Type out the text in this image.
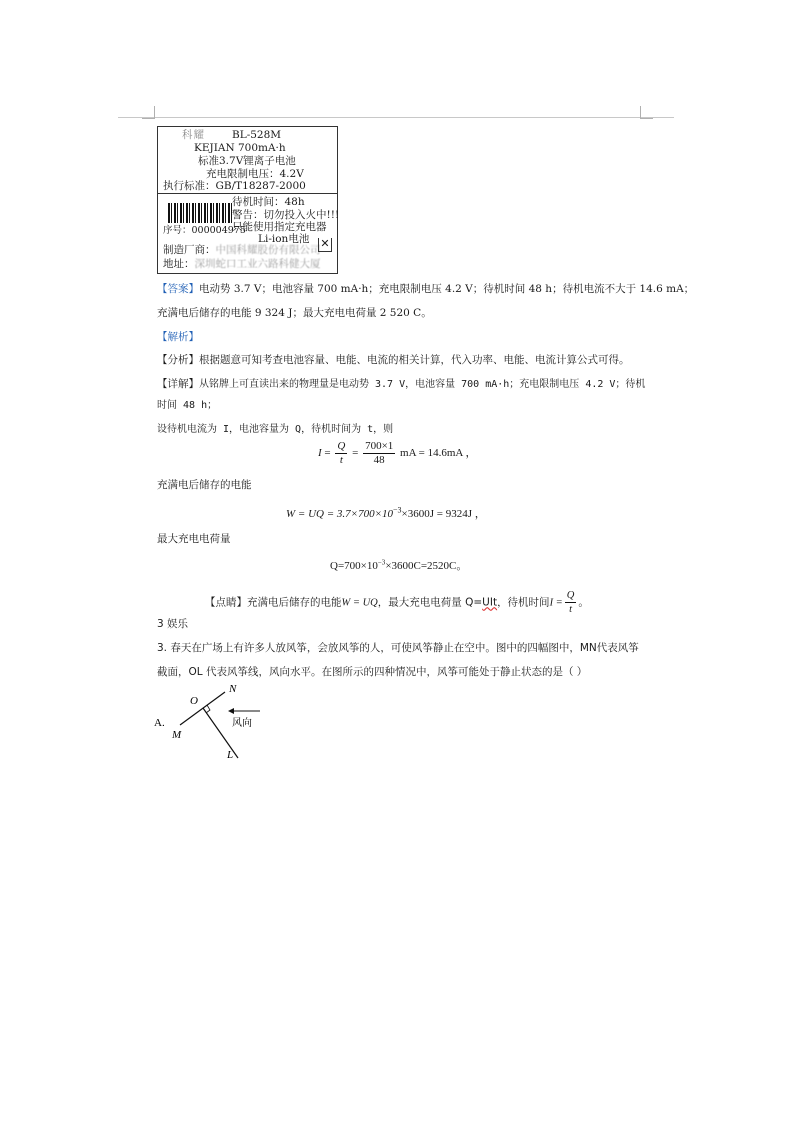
科耀	BL-528M
KEJIAN 700mA·h
标准3.7V锂离子电池
充电限制电压：4.2V
执行标准：GB/T18287-2000
待机时间：48h
警告：切勿投入火中!!!
序号：000004975
只能使用指定充电器
Li-ion电池
制造厂商：中国科耀股份有限公司
地址：深圳蛇口工业六路科健大厦
✕
【答案】电动势 3.7 V；电池容量 700 mA·h；充电限制电压 4.2 V；待机时间 48 h；待机电流不大于 14.6 mA；
充满电后储存的电能 9 324 J；最大充电电荷量 2 520 C。
【解析】
【分析】根据题意可知考查电池容量、电能、电流的相关计算，代入功率、电能、电流计算公式可得。
【详解】从铭牌上可直读出来的物理量是电动势 3.7 V，电池容量 700 mA·h；充电限制电压 4.2 V；待机
时间 48 h；
设待机电流为 I，电池容量为 Q，待机时间为 t，则
$I = \frac{Q}{t} = \frac{700\times 1}{48}$ mA = 14.6mA ，
充满电后储存的电能
W = UQ = $3.7\times 700\times 10^{-3}\times 3600J = 9324J$ ，
最大充电电荷量
$Q=700\times 10^{-3}\times 3600C=2520C$。
【点睛】充满电后储存的电能W = UQ，最大充电电荷量 Q=UIt，待机时间$I = \frac{Q}{t}$ 。
3 娱乐
3. 春天在广场上有许多人放风筝，会放风筝的人，可使风筝静止在空中。图中的四幅图中，MN代表风筝
截面，OL 代表风筝线，风向水平。在图所示的四种情况中，风筝可能处于静止状态的是（ ）
A.
N
O
M
L
风向
